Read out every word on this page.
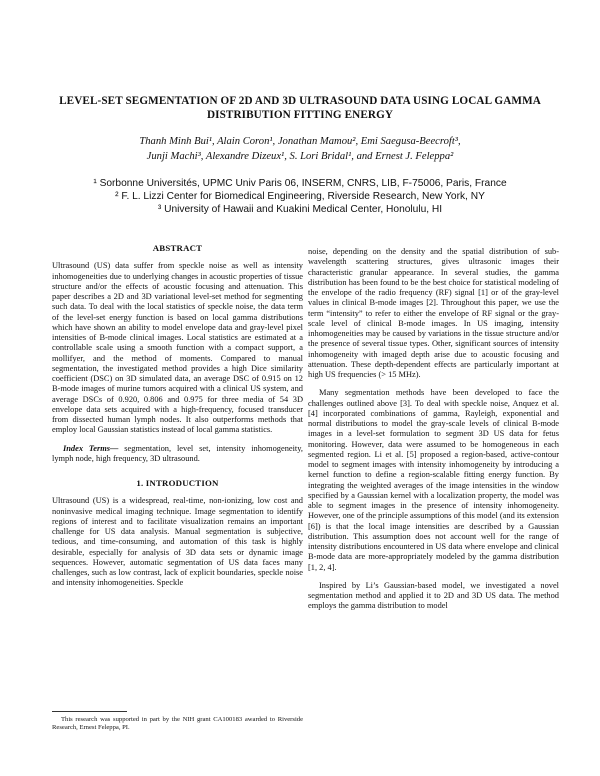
LEVEL-SET SEGMENTATION OF 2D AND 3D ULTRASOUND DATA USING LOCAL GAMMA DISTRIBUTION FITTING ENERGY
Thanh Minh Bui¹, Alain Coron¹, Jonathan Mamou², Emi Saegusa-Beecroft³,
Junji Machi³, Alexandre Dizeux¹, S. Lori Bridal¹, and Ernest J. Feleppa²
¹ Sorbonne Universités, UPMC Univ Paris 06, INSERM, CNRS, LIB, F-75006, Paris, France
² F. L. Lizzi Center for Biomedical Engineering, Riverside Research, New York, NY
³ University of Hawaii and Kuakini Medical Center, Honolulu, HI
ABSTRACT

Ultrasound (US) data suffer from speckle noise as well as intensity inhomogeneities due to underlying changes in acoustic properties of tissue structure and/or the effects of acoustic focusing and attenuation. This paper describes a 2D and 3D variational level-set method for segmenting such data. To deal with the local statistics of speckle noise, the data term of the level-set energy function is based on local gamma distributions which have shown an ability to model envelope data and gray-level pixel intensities of B-mode clinical images. Local statistics are estimated at a controllable scale using a smooth function with a compact support, a mollifyer, and the method of moments. Compared to manual segmentation, the investigated method provides a high Dice similarity coefficient (DSC) on 3D simulated data, an average DSC of 0.915 on 12 B-mode images of murine tumors acquired with a clinical US system, and average DSCs of 0.920, 0.806 and 0.975 for three media of 54 3D envelope data sets acquired with a high-frequency, focused transducer from dissected human lymph nodes. It also outperforms methods that employ local Gaussian statistics instead of local gamma statistics.

Index Terms— segmentation, level set, intensity inhomogeneity, lymph node, high frequency, 3D ultrasound.

1. INTRODUCTION

Ultrasound (US) is a widespread, real-time, non-ionizing, low cost and noninvasive medical imaging technique. Image segmentation to identify regions of interest and to facilitate visualization remains an important challenge for US data analysis. Manual segmentation is subjective, tedious, and time-consuming, and automation of this task is highly desirable, especially for analysis of 3D data sets or dynamic image sequences. However, automatic segmentation of US data faces many challenges, such as low contrast, lack of explicit boundaries, speckle noise and intensity inhomogeneities. Speckle

This research was supported in part by the NIH grant CA100183 awarded to Riverside Research, Ernest Feleppa, PI.

noise, depending on the density and the spatial distribution of sub-wavelength scattering structures, gives ultrasonic images their characteristic granular appearance. In several studies, the gamma distribution has been found to be the best choice for statistical modeling of the envelope of the radio frequency (RF) signal [1] or of the gray-level values in clinical B-mode images [2]. Throughout this paper, we use the term “intensity” to refer to either the envelope of RF signal or the gray-scale level of clinical B-mode images. In US imaging, intensity inhomogeneities may be caused by variations in the tissue structure and/or the presence of several tissue types. Other, significant sources of intensity inhomogeneity with imaged depth arise due to acoustic focusing and attenuation. These depth-dependent effects are particularly important at high US frequencies (> 15 MHz).

Many segmentation methods have been developed to face the challenges outlined above [3]. To deal with speckle noise, Anquez et al. [4] incorporated combinations of gamma, Rayleigh, exponential and normal distributions to model the gray-scale levels of clinical B-mode images in a level-set formulation to segment 3D US data for fetus monitoring. However, data were assumed to be homogeneous in each segmented region. Li et al. [5] proposed a region-based, active-contour model to segment images with intensity inhomogeneity by introducing a kernel function to define a region-scalable fitting energy function. By integrating the weighted averages of the image intensities in the window specified by a Gaussian kernel with a localization property, the model was able to segment images in the presence of intensity inhomogeneity. However, one of the principle assumptions of this model (and its extension [6]) is that the local image intensities are described by a Gaussian distribution. This assumption does not account well for the range of intensity distributions encountered in US data where envelope and clinical B-mode data are more-appropriately modeled by the gamma distribution [1, 2, 4].

Inspired by Li’s Gaussian-based model, we investigated a novel segmentation method and applied it to 2D and 3D US data. The method employs the gamma distribution to model
